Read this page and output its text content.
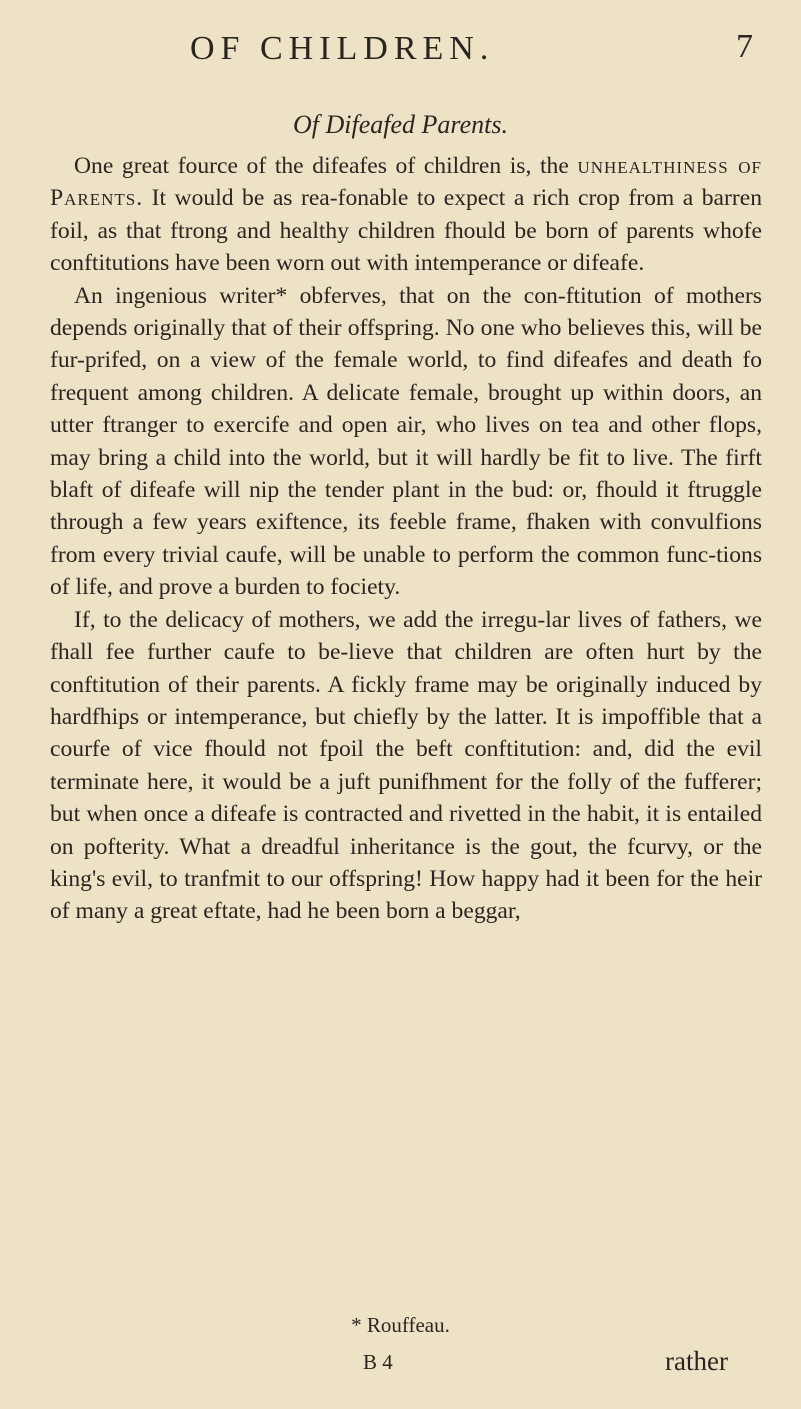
OF CHILDREN.	7
Of Difeafed Parents.

One great fource of the difeafes of children is, the unhealthiness of Parents. It would be as rea-fonable to expect a rich crop from a barren foil, as that ftrong and healthy children fhould be born of parents whofe conftitutions have been worn out with intemperance or difeafe.

An ingenious writer* obferves, that on the con-ftitution of mothers depends originally that of their offspring. No one who believes this, will be fur-prifed, on a view of the female world, to find difeafes and death fo frequent among children. A delicate female, brought up within doors, an utter ftranger to exercife and open air, who lives on tea and other flops, may bring a child into the world, but it will hardly be fit to live. The firft blaft of difeafe will nip the tender plant in the bud: or, fhould it ftruggle through a few years exiftence, its feeble frame, fhaken with convulfions from every trivial caufe, will be unable to perform the common func-tions of life, and prove a burden to fociety.

If, to the delicacy of mothers, we add the irregu-lar lives of fathers, we fhall fee further caufe to be-lieve that children are often hurt by the conftitution of their parents. A fickly frame may be originally induced by hardfhips or intemperance, but chiefly by the latter. It is impoffible that a courfe of vice fhould not fpoil the beft conftitution: and, did the evil terminate here, it would be a juft punifhment for the folly of the fufferer; but when once a difeafe is contracted and rivetted in the habit, it is entailed on pofterity. What a dreadful inheritance is the gout, the fcurvy, or the king's evil, to tranfmit to our offspring! How happy had it been for the heir of many a great eftate, had he been born a beggar,

* Rouffeau.
B 4	rather
